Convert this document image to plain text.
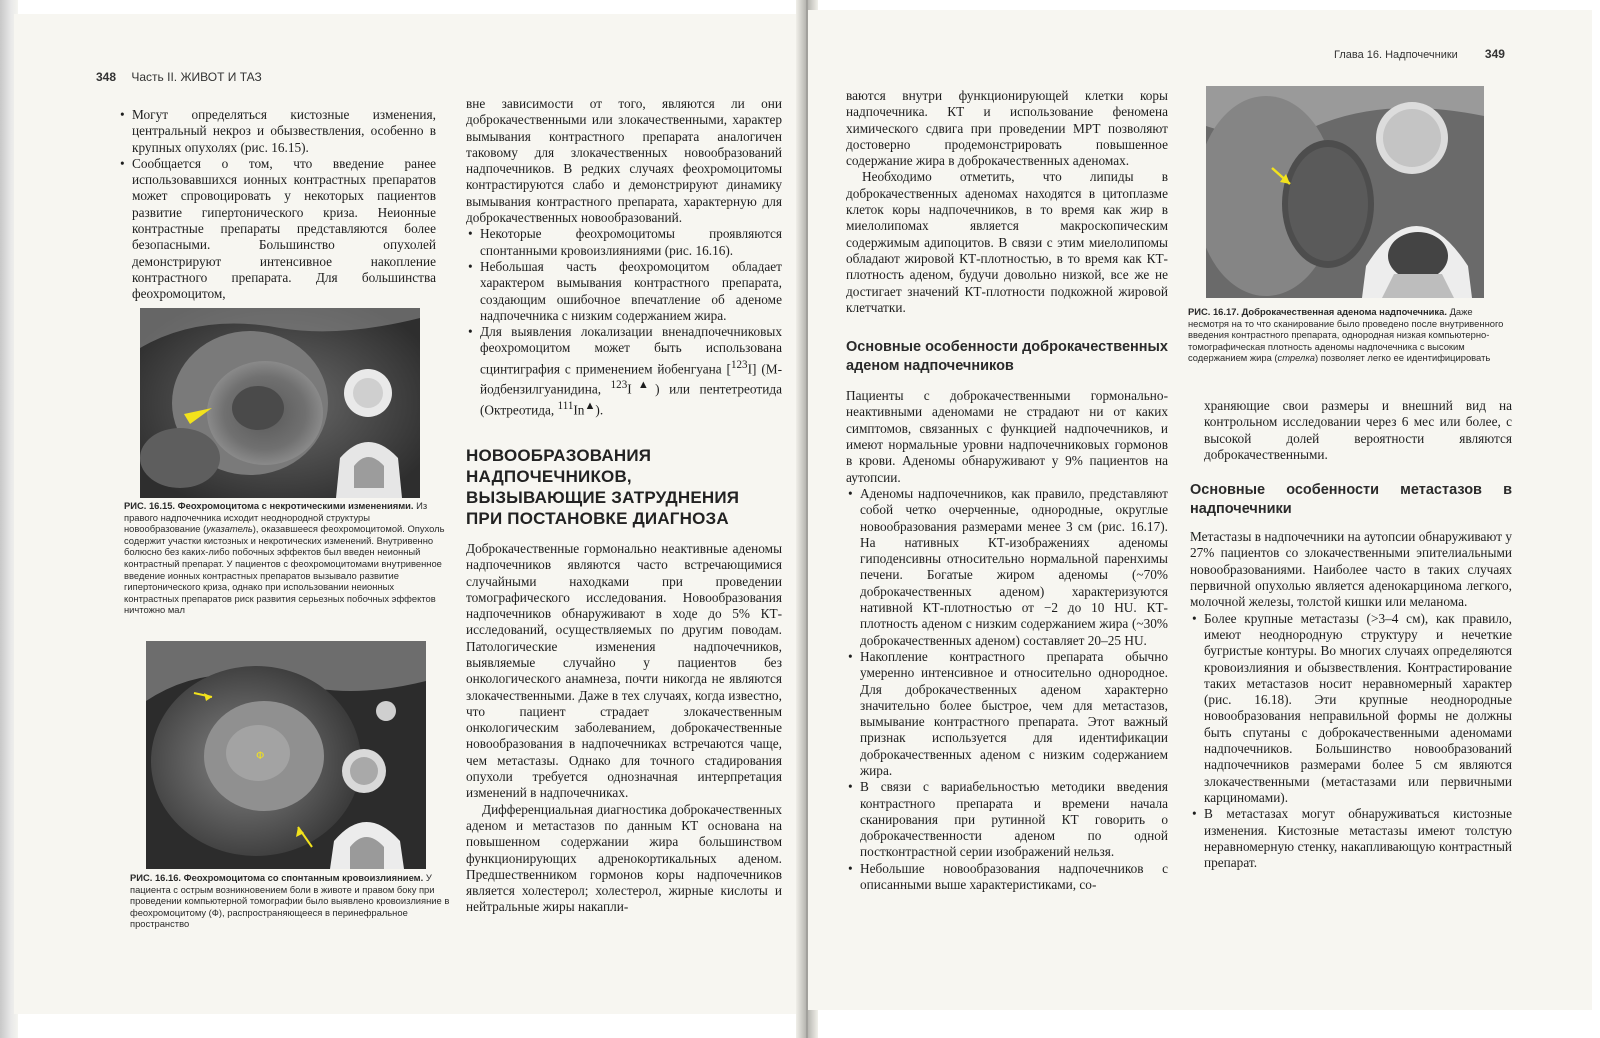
348 Часть II. ЖИВОТ И ТАЗ
• Могут определяться кистозные изменения, центральный некроз и обызвествления, особенно в крупных опухолях (рис. 16.15).
• Сообщается о том, что введение ранее использовавшихся ионных контрастных препаратов может спровоцировать у некоторых пациентов развитие гипертонического криза. Неионные контрастные препараты представляются более безопасными. Большинство опухолей демонстрируют интенсивное накопление контрастного препарата. Для большинства феохромоцитом,
РИС. 16.15. Феохромоцитома с некротическими изменениями. Из правого надпочечника исходит неоднородной структуры новообразование (указатель), оказавшееся феохромоцитомой. Опухоль содержит участки кистозных и некротических изменений. Внутривенно болюсно без каких-либо побочных эффектов был введен неионный контрастный препарат. У пациентов с феохромоцитомами внутривенное введение ионных контрастных препаратов вызывало развитие гипертонического криза, однако при использовании неионных контрастных препаратов риск развития серьезных побочных эффектов ничтожно мал
Ф
РИС. 16.16. Феохромоцитома со спонтанным кровоизлиянием. У пациента с острым возникновением боли в животе и правом боку при проведении компьютерной томографии было выявлено кровоизлияние в феохромоцитому (Ф), распространяющееся в перинефральное пространство

вне зависимости от того, являются ли они доброкачественными или злокачественными, характер вымывания контрастного препарата аналогичен таковому для злокачественных новообразований надпочечников. В редких случаях феохромоцитомы контрастируются слабо и демонстрируют динамику вымывания контрастного препарата, характерную для доброкачественных новообразований.

• Некоторые феохромоцитомы проявляются спонтанными кровоизлияниями (рис. 16.16).
• Небольшая часть феохромоцитом обладает характером вымывания контрастного препарата, создающим ошибочное впечатление об аденоме надпочечника с низким содержанием жира.
• Для выявления локализации вненадпочечниковых феохромоцитом может быть использована сцинтиграфия с применением йобенгуана [$^{123}$I] (М-йодбензилгуанидина, $^{123}$I▲) или пентетреотида (Октреотида, $^{111}$In▲).
НОВООБРАЗОВАНИЯ НАДПОЧЕЧНИКОВ, ВЫЗЫВАЮЩИЕ ЗАТРУДНЕНИЯ ПРИ ПОСТАНОВКЕ ДИАГНОЗА

Доброкачественные гормонально неактивные аденомы надпочечников являются часто встречающимися случайными находками при проведении томографического исследования. Новообразования надпочечников обнаруживают в ходе до 5% КТ-исследований, осуществляемых по другим поводам. Патологические изменения надпочечников, выявляемые случайно у пациентов без онкологического анамнеза, почти никогда не являются злокачественными. Даже в тех случаях, когда известно, что пациент страдает злокачественным онкологическим заболеванием, доброкачественные новообразования в надпочечниках встречаются чаще, чем метастазы. Однако для точного стадирования опухоли требуется однозначная интерпретация изменений в надпочечниках.

Дифференциальная диагностика доброкачественных аденом и метастазов по данным КТ основана на повышенном содержании жира большинством функционирующих адренокортикальных аденом. Предшественником гормонов коры надпочечников является холестерол; холестерол, жирные кислоты и нейтральные жиры накапли-

Глава 16. Надпочечники 349

ваются внутри функционирующей клетки коры надпочечника. КТ и использование феномена химического сдвига при проведении МРТ позволяют достоверно продемонстрировать повышенное содержание жира в доброкачественных аденомах.

Необходимо отметить, что липиды в доброкачественных аденомах находятся в цитоплазме клеток коры надпочечников, в то время как жир в миелолипомах является макроскопическим содержимым адипоцитов. В связи с этим миелолипомы обладают жировой КТ-плотностью, в то время как КТ-плотность аденом, будучи довольно низкой, все же не достигает значений КТ-плотности подкожной жировой клетчатки.

Основные особенности доброкачественных аденом надпочечников

Пациенты с доброкачественными гормонально-неактивными аденомами не страдают ни от каких симптомов, связанных с функцией надпочечников, и имеют нормальные уровни надпочечниковых гормонов в крови. Аденомы обнаруживают у 9% пациентов на аутопсии.

• Аденомы надпочечников, как правило, представляют собой четко очерченные, однородные, округлые новообразования размерами менее 3 см (рис. 16.17). На нативных КТ-изображениях аденомы гиподенсивны относительно нормальной паренхимы печени. Богатые жиром аденомы (~70% доброкачественных аденом) характеризуются нативной КТ-плотностью от −2 до 10 HU. КТ-плотность аденом с низким содержанием жира (~30% доброкачественных аденом) составляет 20–25 HU.
• Накопление контрастного препарата обычно умеренно интенсивное и относительно однородное. Для доброкачественных аденом характерно значительно более быстрое, чем для метастазов, вымывание контрастного препарата. Этот важный признак используется для идентификации доброкачественных аденом с низким содержанием жира.
• В связи с вариабельностью методики введения контрастного препарата и времени начала сканирования при рутинной КТ говорить о доброкачественности аденом по одной постконтрастной серии изображений нельзя.
• Небольшие новообразования надпочечников с описанными выше характеристиками, со-
РИС. 16.17. Доброкачественная аденома надпочечника. Даже несмотря на то что сканирование было проведено после внутривенного введения контрастного препарата, однородная низкая компьютерно-томографическая плотность аденомы надпочечника с высоким содержанием жира (стрелка) позволяет легко ее идентифицировать

храняющие свои размеры и внешний вид на контрольном исследовании через 6 мес или более, с высокой долей вероятности являются доброкачественными.

Основные особенности метастазов в надпочечники

Метастазы в надпочечники на аутопсии обнаруживают у 27% пациентов со злокачественными эпителиальными новообразованиями. Наиболее часто в таких случаях первичной опухолью является аденокарцинома легкого, молочной железы, толстой кишки или меланома.

• Более крупные метастазы (>3–4 см), как правило, имеют неоднородную структуру и нечеткие бугристые контуры. Во многих случаях определяются кровоизлияния и обызвествления. Контрастирование таких метастазов носит неравномерный характер (рис. 16.18). Эти крупные неоднородные новообразования неправильной формы не должны быть спутаны с доброкачественными аденомами надпочечников. Большинство новообразований надпочечников размерами более 5 см являются злокачественными (метастазами или первичными карциномами).
• В метастазах могут обнаруживаться кистозные изменения. Кистозные метастазы имеют толстую неравномерную стенку, накапливающую контрастный препарат.
